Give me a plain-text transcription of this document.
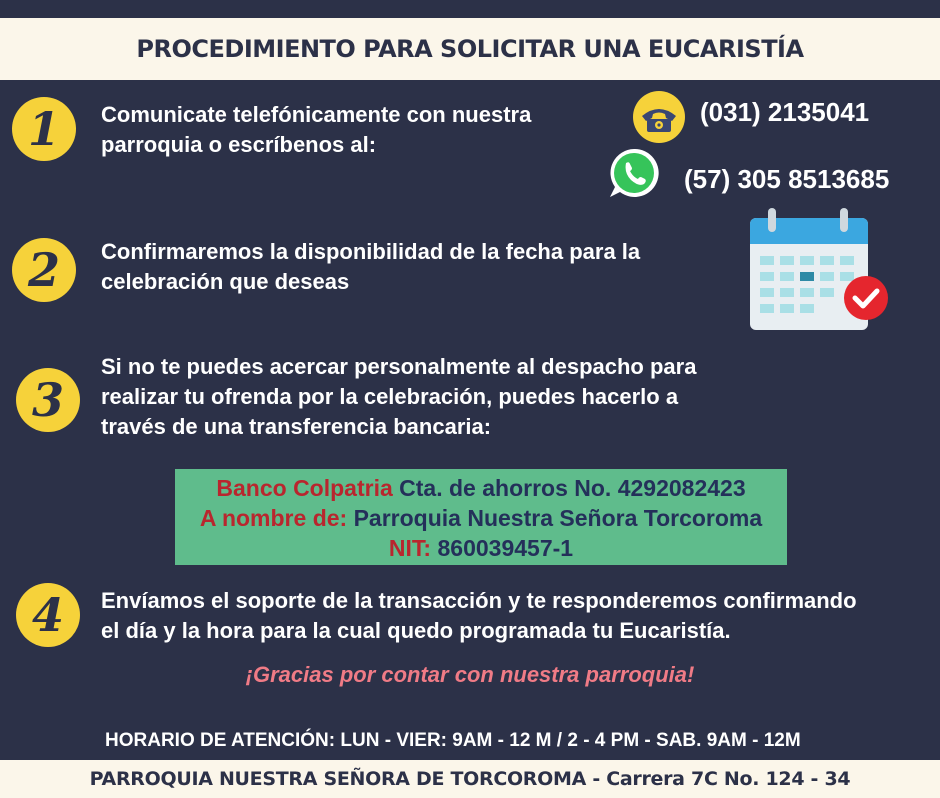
PROCEDIMIENTO PARA SOLICITAR UNA EUCARISTÍA
1 Comunicate telefónicamente con nuestra
parroquia o escríbenos al:
(031) 2135041
(57) 305 8513685
2 Confirmaremos la disponibilidad de la fecha para la
celebración que deseas
3
Si no te puedes acercar personalmente al despacho para
realizar tu ofrenda por la celebración, puedes hacerlo a
través de una transferencia bancaria:
Banco Colpatria Cta. de ahorros No. 4292082423
A nombre de: Parroquia Nuestra Señora Torcoroma
NIT: 860039457-1
4 Envíamos el soporte de la transacción y te responderemos confirmando
el día y la hora para la cual quedo programada tu Eucaristía.
¡Gracias por contar con nuestra parroquia!
HORARIO DE ATENCIÓN: LUN - VIER: 9AM - 12 M / 2 - 4 PM - SAB. 9AM - 12M
PARROQUIA NUESTRA SEÑORA DE TORCOROMA - Carrera 7C No. 124 - 34
